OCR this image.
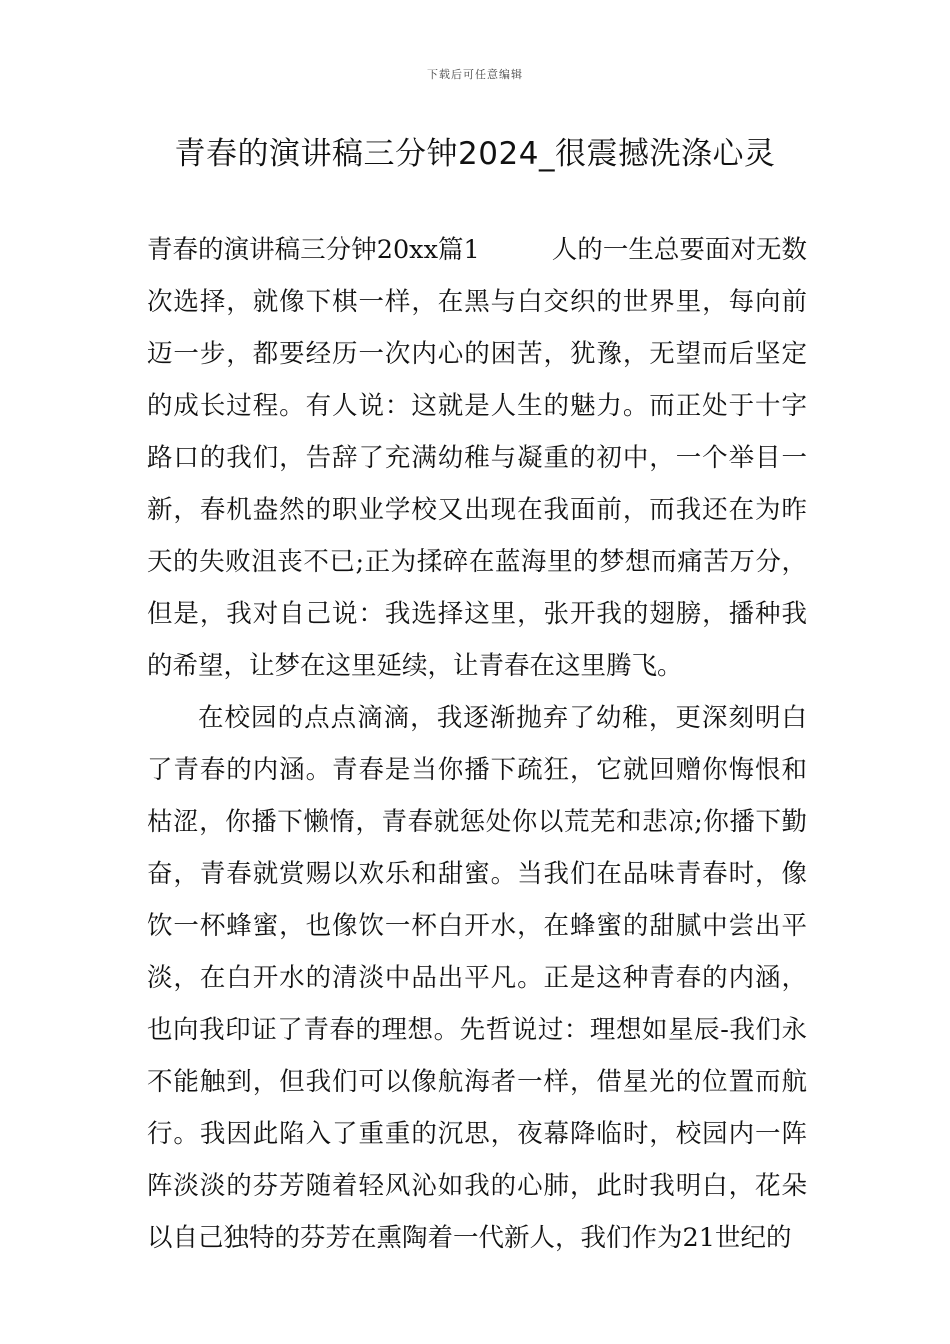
下载后可任意编辑
青春的演讲稿三分钟2024_很震撼洗涤心灵

青春的演讲稿三分钟20xx篇1	人的一生总要面对无数次选择，就像下棋一样，在黑与白交织的世界里，每向前迈一步，都要经历一次内心的困苦，犹豫，无望而后坚定的成长过程。有人说：这就是人生的魅力。而正处于十字路口的我们，告辞了充满幼稚与凝重的初中，一个举目一新，春机盎然的职业学校又出现在我面前，而我还在为昨天的失败沮丧不已;正为揉碎在蓝海里的梦想而痛苦万分，但是，我对自己说：我选择这里，张开我的翅膀，播种我的希望，让梦在这里延续，让青春在这里腾飞。

在校园的点点滴滴，我逐渐抛弃了幼稚，更深刻明白了青春的内涵。青春是当你播下疏狂，它就回赠你悔恨和枯涩，你播下懒惰，青春就惩处你以荒芜和悲凉;你播下勤奋，青春就赏赐以欢乐和甜蜜。当我们在品味青春时，像饮一杯蜂蜜，也像饮一杯白开水，在蜂蜜的甜腻中尝出平淡，在白开水的清淡中品出平凡。正是这种青春的内涵，也向我印证了青春的理想。先哲说过：理想如星辰-我们永不能触到，但我们可以像航海者一样，借星光的位置而航行。我因此陷入了重重的沉思，夜幕降临时，校园内一阵阵淡淡的芬芳随着轻风沁如我的心肺，此时我明白，花朵以自己独特的芬芳在熏陶着一代新人，我们作为21世纪的
